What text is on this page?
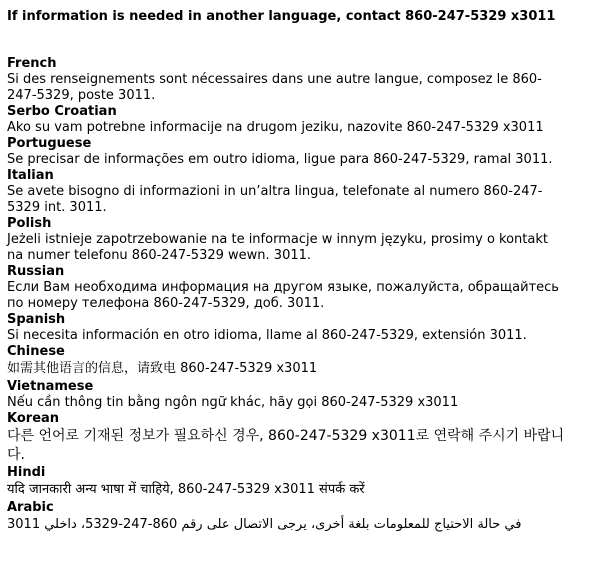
If information is needed in another language, contact 860-247-5329 x3011

French
Si des renseignements sont nécessaires dans une autre langue, composez le 860-247-5329, poste 3011.
Serbo Croatian
Ako su vam potrebne informacije na drugom jeziku, nazovite 860-247-5329 x3011
Portuguese
Se precisar de informações em outro idioma, ligue para 860-247-5329, ramal 3011.
Italian
Se avete bisogno di informazioni in un’altra lingua, telefonate al numero 860-247-5329 int. 3011.
Polish
Jeżeli istnieje zapotrzebowanie na te informacje w innym języku, prosimy o kontakt na numer telefonu 860-247-5329 wewn. 3011.
Russian
Если Вам необходима информация на другом языке, пожалуйста, обращайтесь по номеру телефона 860-247-5329, доб. 3011.
Spanish
Si necesita información en otro idioma, llame al 860-247-5329, extensión 3011.
Chinese
如需其他语言的信息，请致电 860-247-5329 x3011
Vietnamese
Nếu cần thông tin bằng ngôn ngữ khác, hãy gọi 860-247-5329 x3011
Korean
다른 언어로 기재된 정보가 필요하신 경우, 860-247-5329 x3011로 연락해 주시기 바랍니다.
Hindi
यदि जानकारी अन्य भाषा में चाहिये, 860-247-5329 x3011 संपर्क करें
Arabic
في حالة الاحتياج للمعلومات بلغة أخرى، يرجى الاتصال على رقم 860-247-5329، داخلي 3011
